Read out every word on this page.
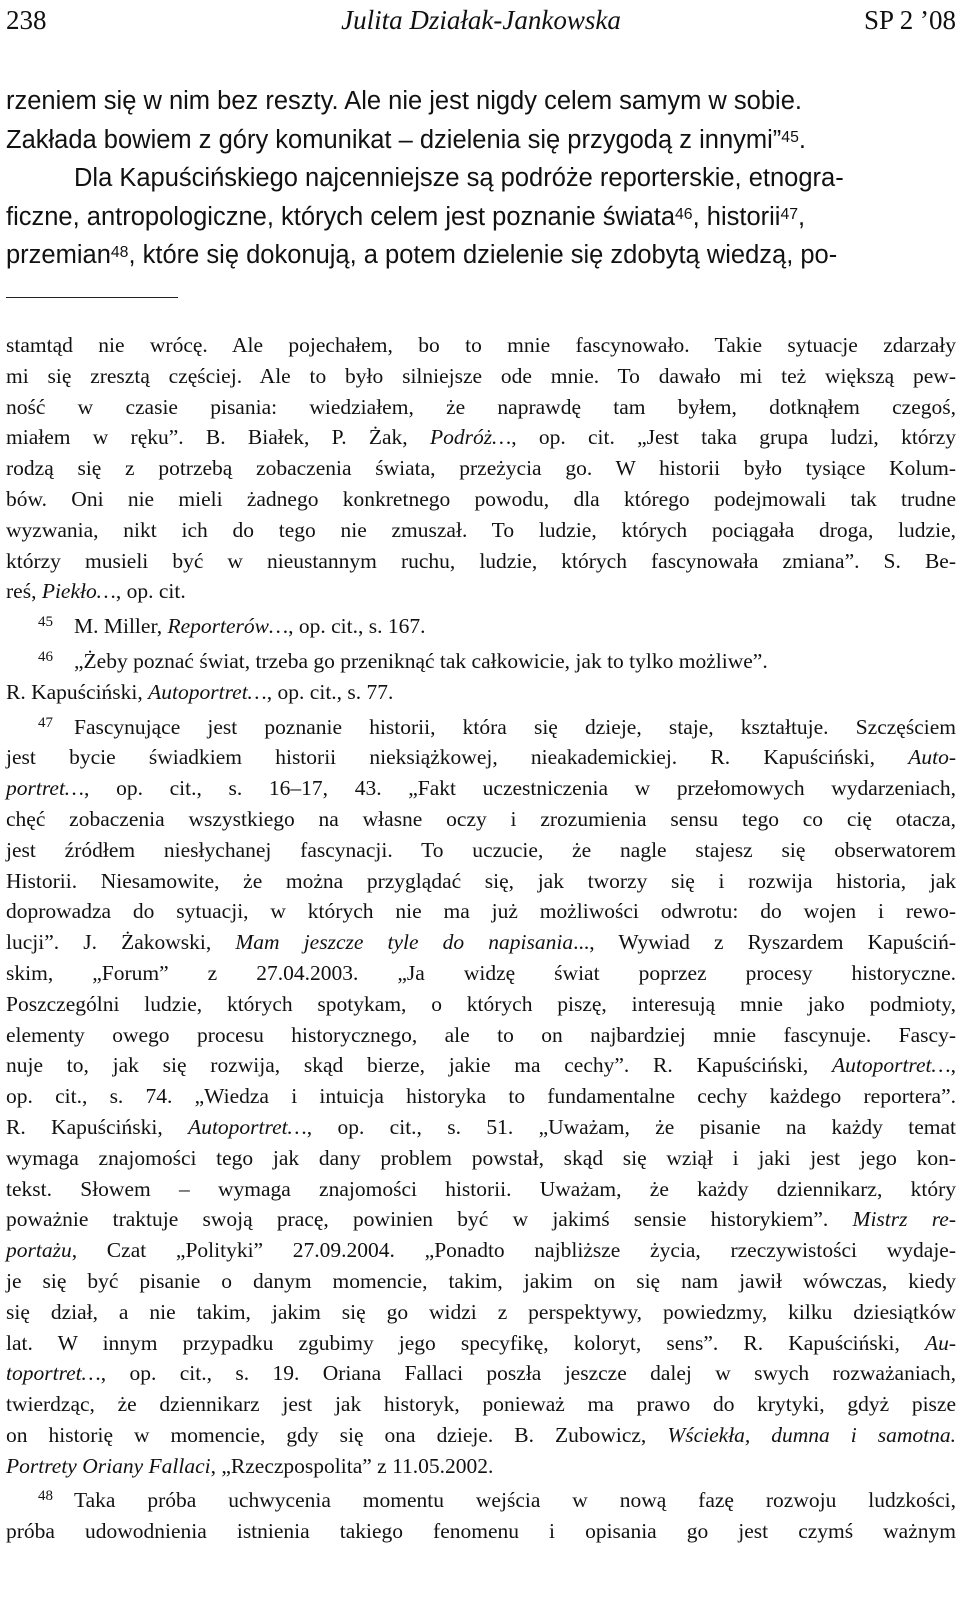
238	Julita Działak-Jankowska	SP 2 ’08
rzeniem się w nim bez reszty. Ale nie jest nigdy celem samym w sobie.
Zakłada bowiem z góry komunikat – dzielenia się przygodą z innymi”$^{45}$.
Dla Kapuścińskiego najcenniejsze są podróże reporterskie, etnogra-
ficzne, antropologiczne, których celem jest poznanie świata$^{46}$, historii$^{47}$,
przemian$^{48}$, które się dokonują, a potem dzielenie się zdobytą wiedzą, po-
stamtąd nie wrócę. Ale pojechałem, bo to mnie fascynowało. Takie sytuacje zdarzały
mi się zresztą częściej. Ale to było silniejsze ode mnie. To dawało mi też większą pew-
ność w czasie pisania: wiedziałem, że naprawdę tam byłem, dotknąłem czegoś,
miałem w ręku”. B. Białek, P. Żak, Podróż…, op. cit. „Jest taka grupa ludzi, którzy
rodzą się z potrzebą zobaczenia świata, przeżycia go. W historii było tysiące Kolum-
bów. Oni nie mieli żadnego konkretnego powodu, dla którego podejmowali tak trudne
wyzwania, nikt ich do tego nie zmuszał. To ludzie, których pociągała droga, ludzie,
którzy musieli być w nieustannym ruchu, ludzie, których fascynowała zmiana”. S. Be-
reś, Piekło…, op. cit.
45 M. Miller, Reporterów…, op. cit., s. 167.
46 „Żeby poznać świat, trzeba go przeniknąć tak całkowicie, jak to tylko możliwe”.
R. Kapuściński, Autoportret…, op. cit., s. 77.
47 Fascynujące jest poznanie historii, która się dzieje, staje, kształtuje. Szczęściem
jest bycie świadkiem historii nieksiążkowej, nieakademickiej. R. Kapuściński, Auto-
portret…, op. cit., s. 16–17, 43. „Fakt uczestniczenia w przełomowych wydarzeniach,
chęć zobaczenia wszystkiego na własne oczy i zrozumienia sensu tego co cię otacza,
jest źródłem niesłychanej fascynacji. To uczucie, że nagle stajesz się obserwatorem
Historii. Niesamowite, że można przyglądać się, jak tworzy się i rozwija historia, jak
doprowadza do sytuacji, w których nie ma już możliwości odwrotu: do wojen i rewo-
lucji”. J. Żakowski, Mam jeszcze tyle do napisania..., Wywiad z Ryszardem Kapuściń-
skim, „Forum” z 27.04.2003. „Ja widzę świat poprzez procesy historyczne.
Poszczególni ludzie, których spotykam, o których piszę, interesują mnie jako podmioty,
elementy owego procesu historycznego, ale to on najbardziej mnie fascynuje. Fascy-
nuje to, jak się rozwija, skąd bierze, jakie ma cechy”. R. Kapuściński, Autoportret…,
op. cit., s. 74. „Wiedza i intuicja historyka to fundamentalne cechy każdego reportera”.
R. Kapuściński, Autoportret…, op. cit., s. 51. „Uważam, że pisanie na każdy temat
wymaga znajomości tego jak dany problem powstał, skąd się wziął i jaki jest jego kon-
tekst. Słowem – wymaga znajomości historii. Uważam, że każdy dziennikarz, który
poważnie traktuje swoją pracę, powinien być w jakimś sensie historykiem”. Mistrz re-
portażu, Czat „Polityki” 27.09.2004. „Ponadto najbliższe życia, rzeczywistości wydaje-
je się być pisanie o danym momencie, takim, jakim on się nam jawił wówczas, kiedy
się dział, a nie takim, jakim się go widzi z perspektywy, powiedzmy, kilku dziesiątków
lat. W innym przypadku zgubimy jego specyfikę, koloryt, sens”. R. Kapuściński, Au-
toportret…, op. cit., s. 19. Oriana Fallaci poszła jeszcze dalej w swych rozważaniach,
twierdząc, że dziennikarz jest jak historyk, ponieważ ma prawo do krytyki, gdyż pisze
on historię w momencie, gdy się ona dzieje. B. Zubowicz, Wściekła, dumna i samotna.
Portrety Oriany Fallaci, „Rzeczpospolita” z 11.05.2002.
48 Taka próba uchwycenia momentu wejścia w nową fazę rozwoju ludzkości,
próba udowodnienia istnienia takiego fenomenu i opisania go jest czymś ważnym
